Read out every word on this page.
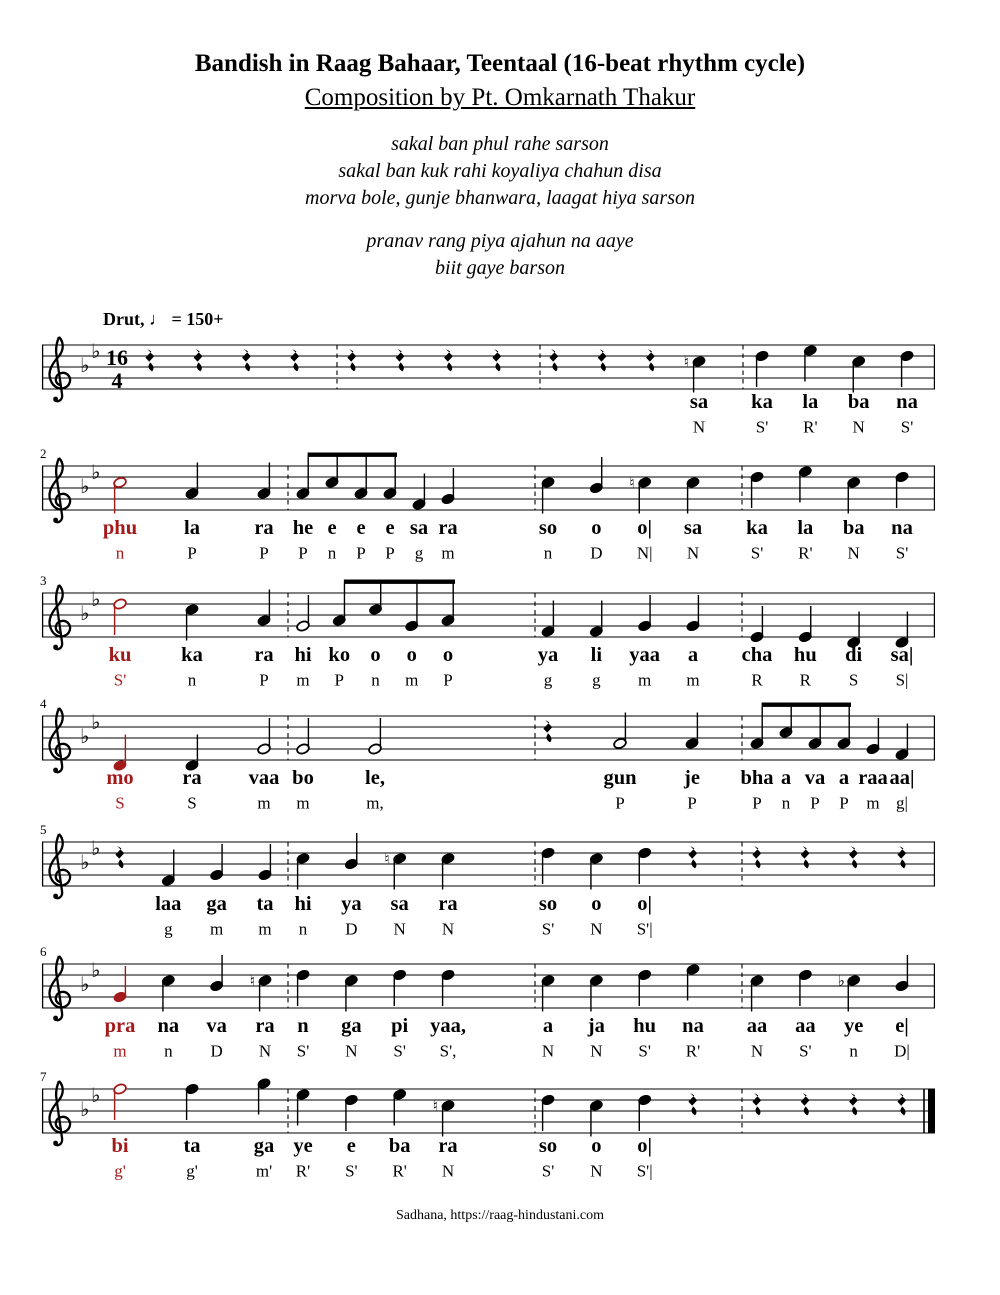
Bandish in Raag Bahaar, Teentaal (16-beat rhythm cycle)
Composition by Pt. Omkarnath Thakur
sakal ban phul rahe sarson
sakal ban kuk rahi koyaliya chahun disa
morva bole, gunje bhanwara, laagat hiya sarson
pranav rang piya ajahun na aaye
biit gaye barson
♭
♭ 16
4
Drut, ♩ = 150+
♮
sa
N
ka
S'
la
R'
ba
N
na
S'
2
♭
♭
phu
n
la
P
ra
P
he
P
e
n
e
P
e
P
sa
g
ra
m
so
n
o
D
♮
o|
N|
sa
N
ka
S'
la
R'
ba
N
na
S'
3
♭
♭
ku
S'
ka
n
ra
P
hi
m
ko
P
o
n
o
m
o
P
ya
g
li
g
yaa
m
a
m
cha
R
hu
R
di
S
sa|
S|
4
♭
♭
mo
S
ra
S
vaa
m
bo
m
le,
m,
gun
P
je
P
bha
P
a
n
va
P
a
P
raa
m
aa|
g|
5
♭
♭
laa
g
ga
m
ta
m
hi
n
ya
D
♮
sa
N
ra
N
so
S'
o
N
o|
S'|
6
♭
♭
pra
m
na
n
va
D
♮
ra
N
n
S'
ga
N
pi
S'
yaa,
S',
a
N
ja
N
hu
S'
na
R'
aa
N
aa
S'
♭
ye
n
e|
D|
7
♭
♭
bi
g'
ta
g'
ga
m'
ye
R'
e
S'
ba
R'
♮
ra
N
so
S'
o
N
o|
S'|
Sadhana, https://raag-hindustani.com
